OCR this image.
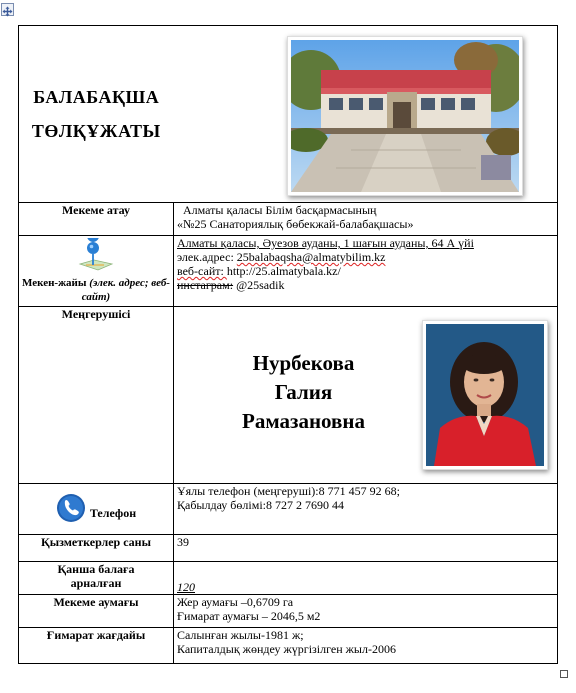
БАЛАБАҚША
ТӨЛҚҰЖАТЫ

Мекеме атау	Алматы қаласы Білім басқармасының
«№25 Санаториялық бөбекжай-балабақшасы»

Мекен-жайы (элек. адрес; веб-сайт)	Алматы қаласы, Әуезов ауданы, 1 шағын ауданы, 64 А үйі
элек.адрес: 25balabaqsha@almatybilim.kz
веб-сайт: http://25.almatybala.kz/
инстаграм: @25sadik

Меңгерушісі	Нурбекова
Галия
Рамазановна

Телефон	Ұялы телефон (меңгеруші):8 771 457 92 68;
Қабылдау бөлімі:8 727 2 7690 44

Қызметкерлер саны	39

Қанша балаға
арналған	120
Мекеме аумағы	Жер аумағы –0,6709 га
Ғимарат аумағы – 2046,5 м2

Ғимарат жағдайы	Салынған жылы-1981 ж;
Капиталдық жөндеу жүргізілген жыл-2006
